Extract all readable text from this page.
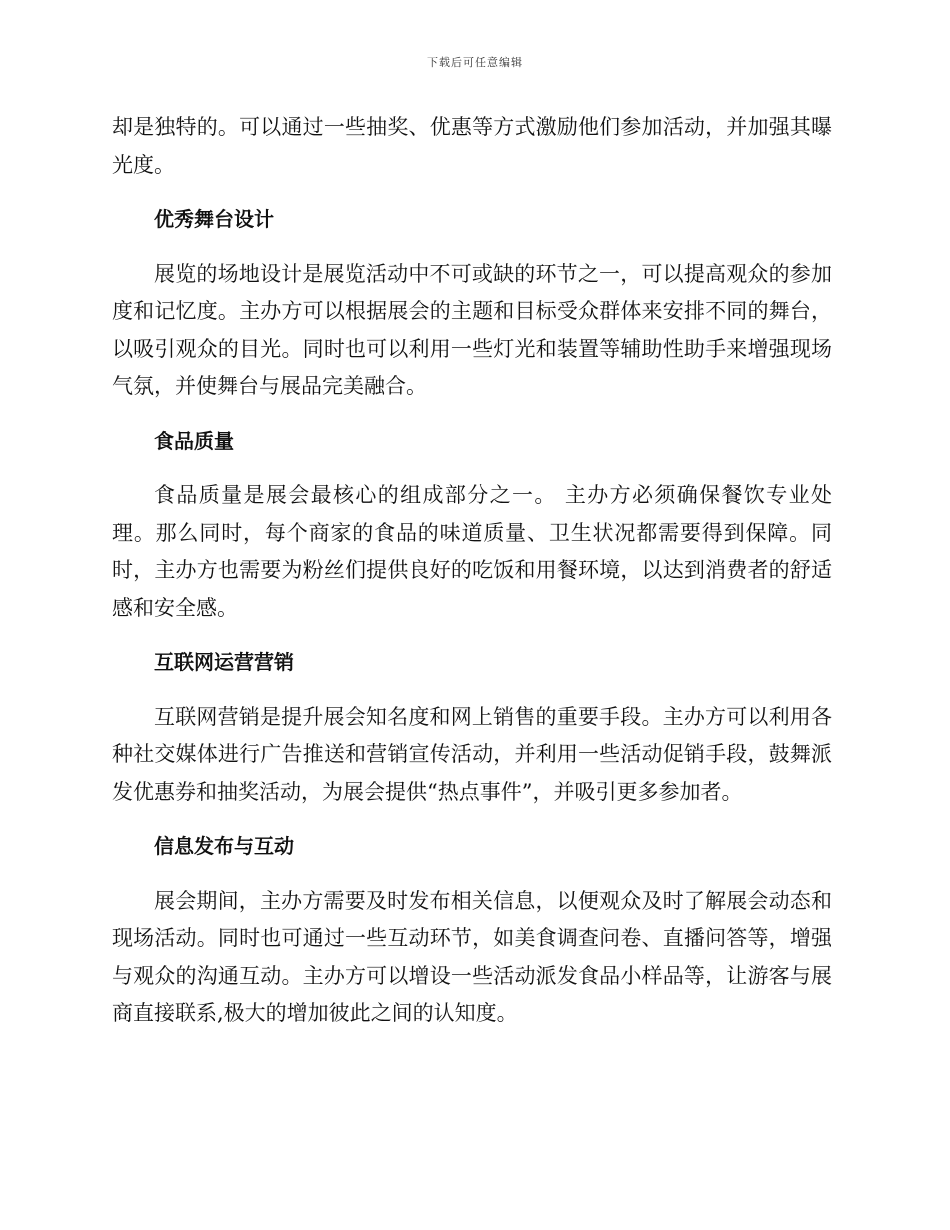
下载后可任意编辑

却是独特的。可以通过一些抽奖、优惠等方式激励他们参加活动，并加强其曝光度。

优秀舞台设计

展览的场地设计是展览活动中不可或缺的环节之一，可以提高观众的参加度和记忆度。主办方可以根据展会的主题和目标受众群体来安排不同的舞台，以吸引观众的目光。同时也可以利用一些灯光和装置等辅助性助手来增强现场气氛，并使舞台与展品完美融合。

食品质量

食品质量是展会最核心的组成部分之一。 主办方必须确保餐饮专业处理。那么同时，每个商家的食品的味道质量、卫生状况都需要得到保障。同时，主办方也需要为粉丝们提供良好的吃饭和用餐环境，以达到消费者的舒适感和安全感。

互联网运营营销

互联网营销是提升展会知名度和网上销售的重要手段。主办方可以利用各种社交媒体进行广告推送和营销宣传活动，并利用一些活动促销手段，鼓舞派发优惠券和抽奖活动，为展会提供“热点事件”，并吸引更多参加者。

信息发布与互动

展会期间，主办方需要及时发布相关信息，以便观众及时了解展会动态和现场活动。同时也可通过一些互动环节，如美食调查问卷、直播问答等，增强与观众的沟通互动。主办方可以增设一些活动派发食品小样品等，让游客与展商直接联系,极大的增加彼此之间的认知度。
